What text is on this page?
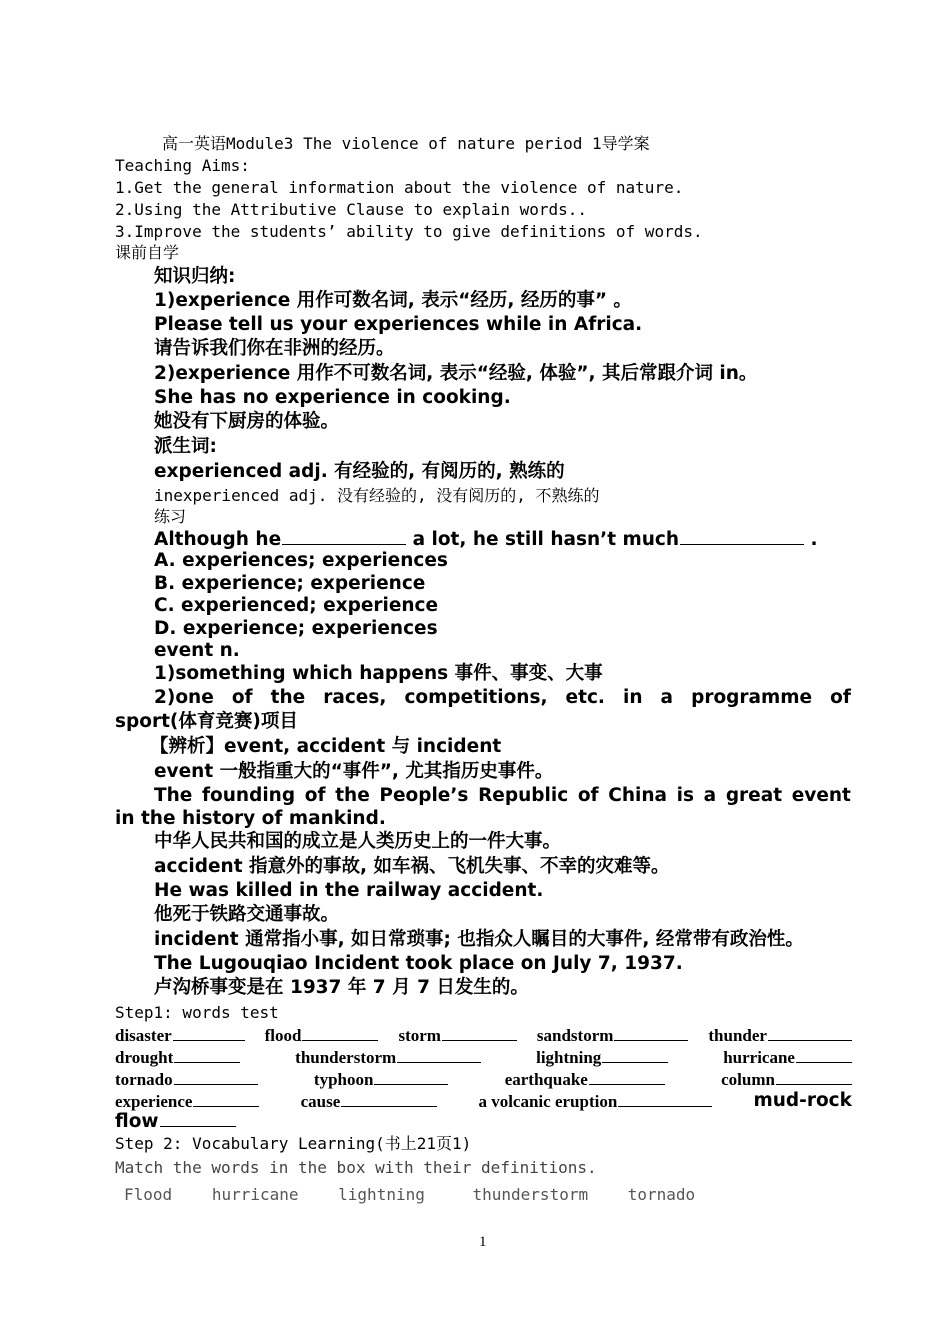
高一英语Module3 The violence of nature period 1导学案
Teaching Aims:
1.Get the general information about the violence of nature.
2.Using the Attributive Clause to explain words..
3.Improve the students’ ability to give definitions of words.
课前自学
知识归纳:
1)experience 用作可数名词, 表示“经历, 经历的事” 。
Please tell us your experiences while in Africa.
请告诉我们你在非洲的经历。
2)experience 用作不可数名词, 表示“经验, 体验”, 其后常跟介词 in。
She has no experience in cooking.
她没有下厨房的体验。
派生词:
experienced adj. 有经验的, 有阅历的, 熟练的
inexperienced adj. 没有经验的, 没有阅历的, 不熟练的
练习
Although he	a lot, he still hasn’t much	.
A. experiences; experiences
B. experience; experience
C. experienced; experience
D. experience; experiences
event n.
1)something which happens 事件、事变、大事
2)one of the races, competitions, etc. in a programme of
sport(体育竞赛)项目
【辨析】event, accident 与 incident
event 一般指重大的“事件”, 尤其指历史事件。
The founding of the People’s Republic of China is a great event
in the history of mankind.
中华人民共和国的成立是人类历史上的一件大事。
accident 指意外的事故, 如车祸、飞机失事、不幸的灾难等。
He was killed in the railway accident.
他死于铁路交通事故。
incident 通常指小事, 如日常琐事; 也指众人瞩目的大事件, 经常带有政治性。
The Lugouqiao Incident took place on July 7, 1937.
卢沟桥事变是在 1937 年 7 月 7 日发生的。
Step1: words test
disaster	flood	storm	sandstorm	thunder
drought	thunderstorm	lightning	hurricane
tornado	typhoon	earthquake	column
experience	cause	a volcanic eruption	mud-rock
flow
Step 2: Vocabulary Learning(书上21页1)
Match the words in the box with their definitions.
Flood hurricane lightning	thunderstorm tornado
1
